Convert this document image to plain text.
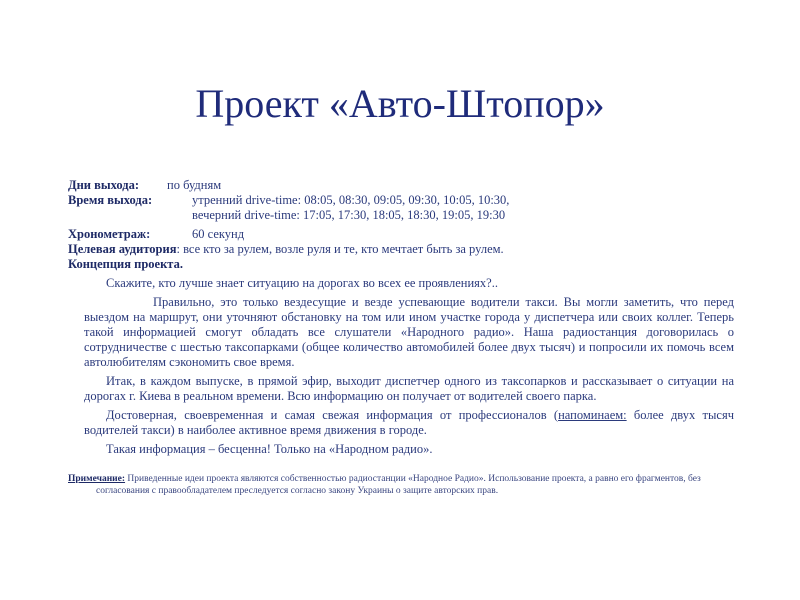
Проект «Авто-Штопор»
Дни выхода:	по будням
Время выхода:	утренний drive-time: 08:05, 08:30, 09:05, 09:30, 10:05, 10:30,
вечерний drive-time: 17:05, 17:30, 18:05, 18:30, 19:05, 19:30
Хронометраж:	60 секунд
Целевая аудитория : все кто за рулем, возле руля и те, кто мечтает быть за рулем.
Концепция проекта.

Скажите, кто лучше знает ситуацию на дорогах во всех ее проявлениях?..

Правильно, это только вездесущие и везде успевающие водители такси. Вы могли заметить, что перед выездом на маршрут, они уточняют обстановку на том или ином участке города у диспетчера или своих коллег. Теперь такой информацией смогут обладать все слушатели «Народного радио». Наша радиостанция договорилась о сотрудничестве с шестью таксопарками (общее количество автомобилей более двух тысяч) и попросили их помочь всем автолюбителям сэкономить свое время.

Итак, в каждом выпуске, в прямой эфир, выходит диспетчер одного из таксопарков и рассказывает о ситуации на дорогах г. Киева в реальном времени. Всю информацию он получает от водителей своего парка.

Достоверная, своевременная и самая свежая информация от профессионалов (напоминаем: более двух тысяч водителей такси) в наиболее активное время движения в городе.

Такая информация – бесценна! Только на «Народном радио».

Примечание: Приведенные идеи проекта являются собственностью радиостанции «Народное Радио». Использование проекта, а равно его фрагментов, без согласования с правообладателем преследуется согласно закону Украины о защите авторских прав.
